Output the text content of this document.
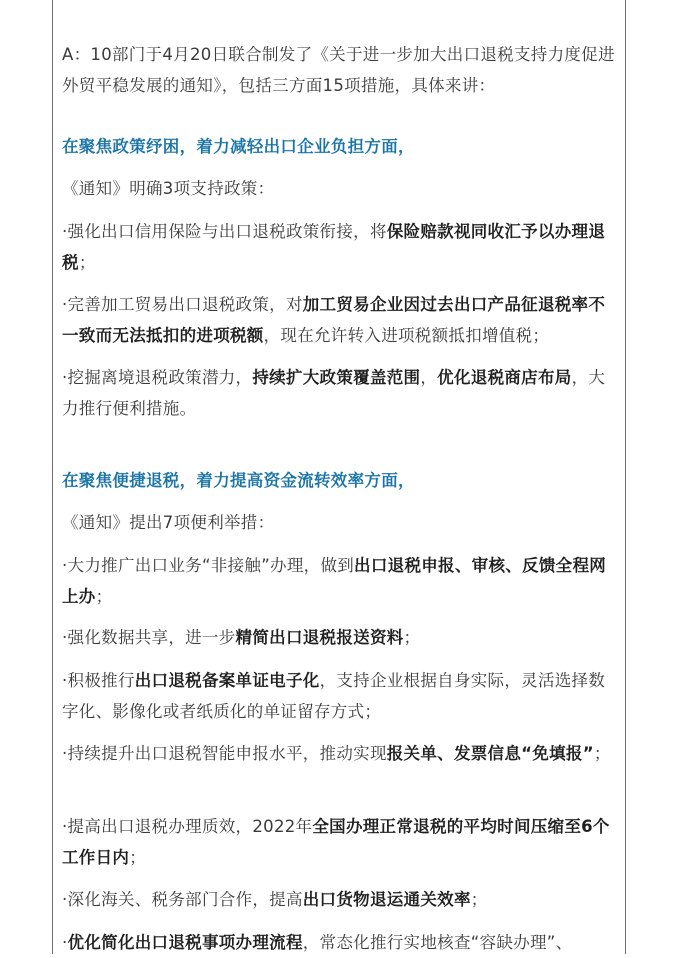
A：10部门于4月20日联合制发了《关于进一步加大出口退税支持力度促进外贸平稳发展的通知》，包括三方面15项措施，具体来讲：

在聚焦政策纾困，着力减轻出口企业负担方面，

《通知》明确3项支持政策：

·强化出口信用保险与出口退税政策衔接，将保险赔款视同收汇予以办理退税；

·完善加工贸易出口退税政策，对加工贸易企业因过去出口产品征退税率不一致而无法抵扣的进项税额，现在允许转入进项税额抵扣增值税；

·挖掘离境退税政策潜力，持续扩大政策覆盖范围，优化退税商店布局，大力推行便利措施。

在聚焦便捷退税，着力提高资金流转效率方面，

《通知》提出7项便利举措：

·大力推广出口业务“非接触”办理，做到出口退税申报、审核、反馈全程网上办；

·强化数据共享，进一步精简出口退税报送资料；

·积极推行出口退税备案单证电子化，支持企业根据自身实际，灵活选择数字化、影像化或者纸质化的单证留存方式；

·持续提升出口退税智能申报水平，推动实现报关单、发票信息“免填报”；

·提高出口退税办理质效，2022年全国办理正常退税的平均时间压缩至6个工作日内；

·深化海关、税务部门合作，提高出口货物退运通关效率；

·优化简化出口退税事项办理流程，常态化推行实地核查“容缺办理”、
